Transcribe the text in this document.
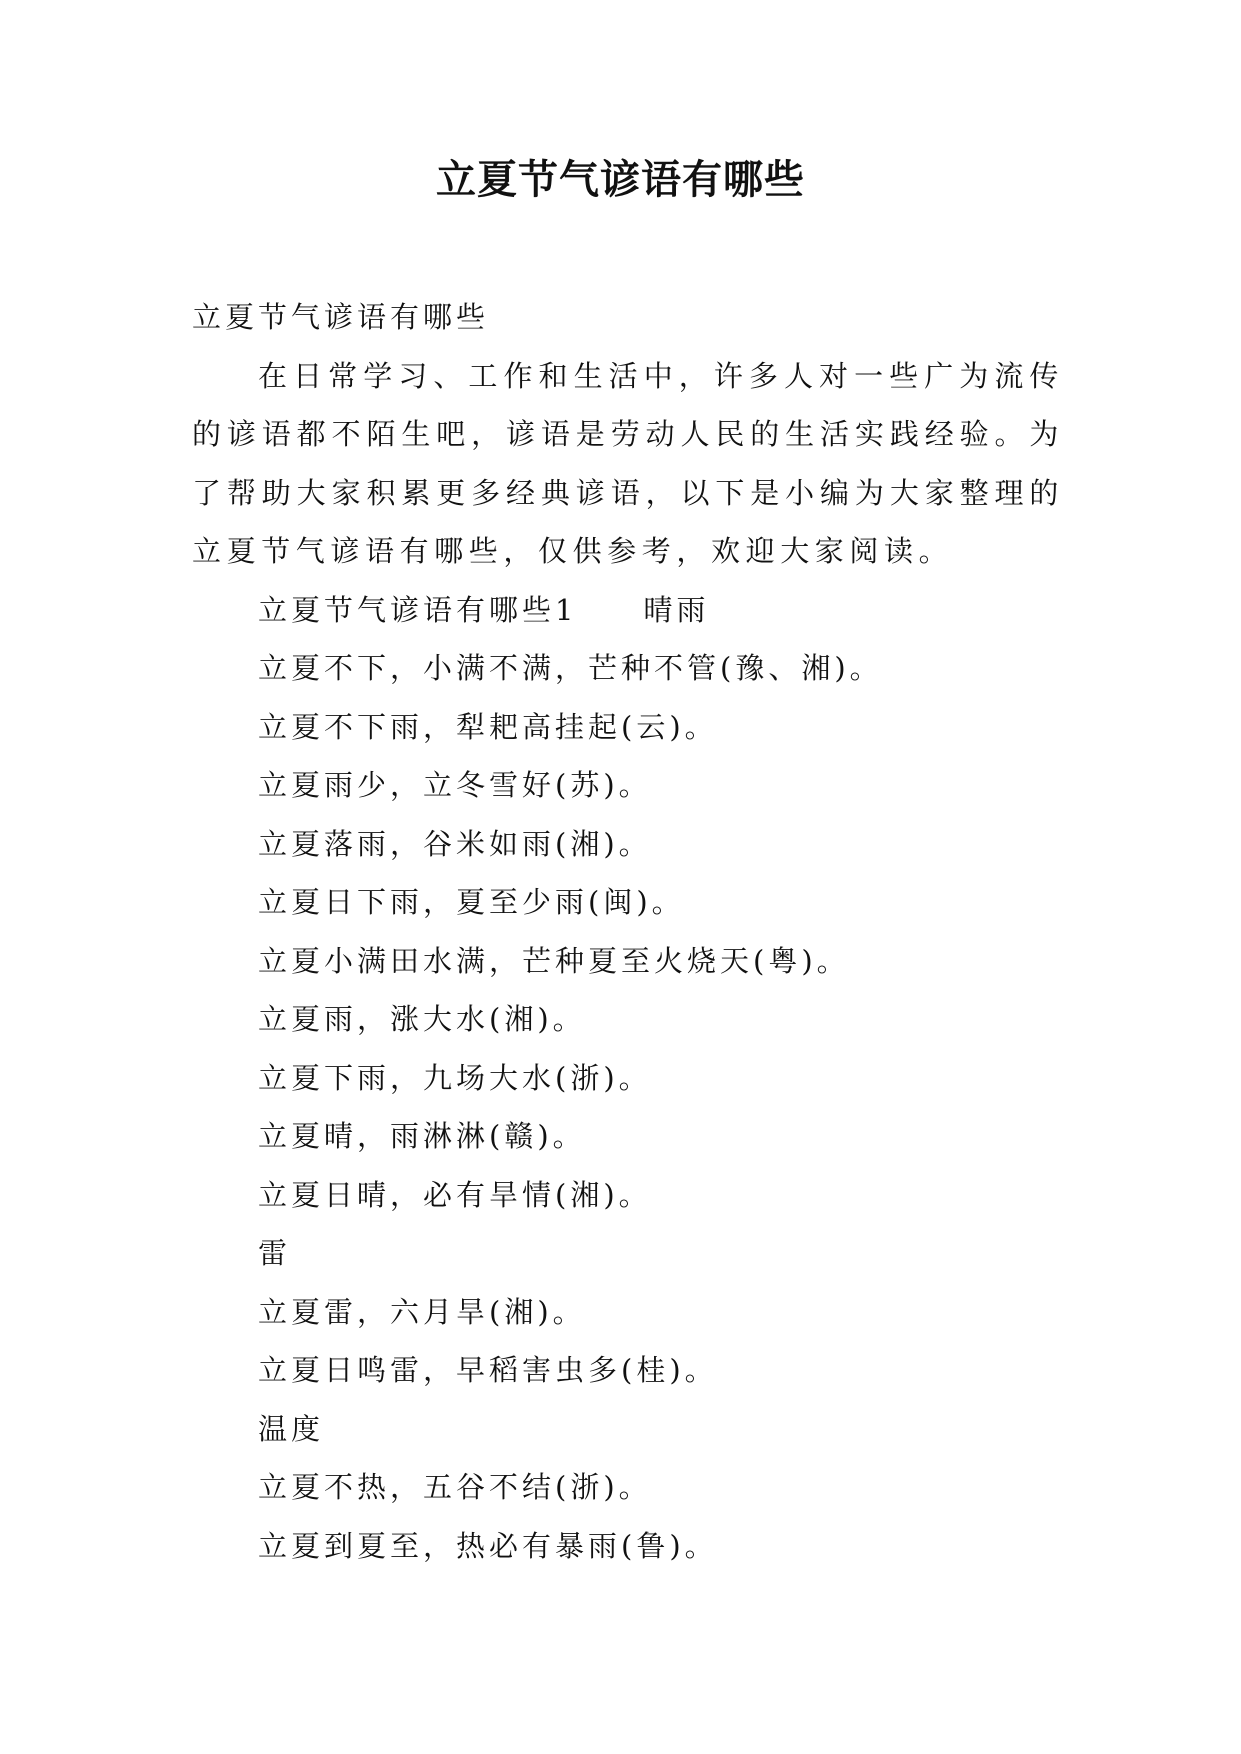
立夏节气谚语有哪些
立夏节气谚语有哪些
在日常学习、工作和生活中，许多人对一些广为流传的谚语都不陌生吧，谚语是劳动人民的生活实践经验。为了帮助大家积累更多经典谚语，以下是小编为大家整理的立夏节气谚语有哪些，仅供参考，欢迎大家阅读。
立夏节气谚语有哪些1 晴雨
立夏不下，小满不满，芒种不管(豫、湘)。
立夏不下雨，犁耙高挂起(云)。
立夏雨少，立冬雪好(苏)。
立夏落雨，谷米如雨(湘)。
立夏日下雨，夏至少雨(闽)。
立夏小满田水满，芒种夏至火烧天(粤)。
立夏雨，涨大水(湘)。
立夏下雨，九场大水(浙)。
立夏晴，雨淋淋(赣)。
立夏日晴，必有旱情(湘)。
雷
立夏雷，六月旱(湘)。
立夏日鸣雷，早稻害虫多(桂)。
温度
立夏不热，五谷不结(浙)。
立夏到夏至，热必有暴雨(鲁)。
